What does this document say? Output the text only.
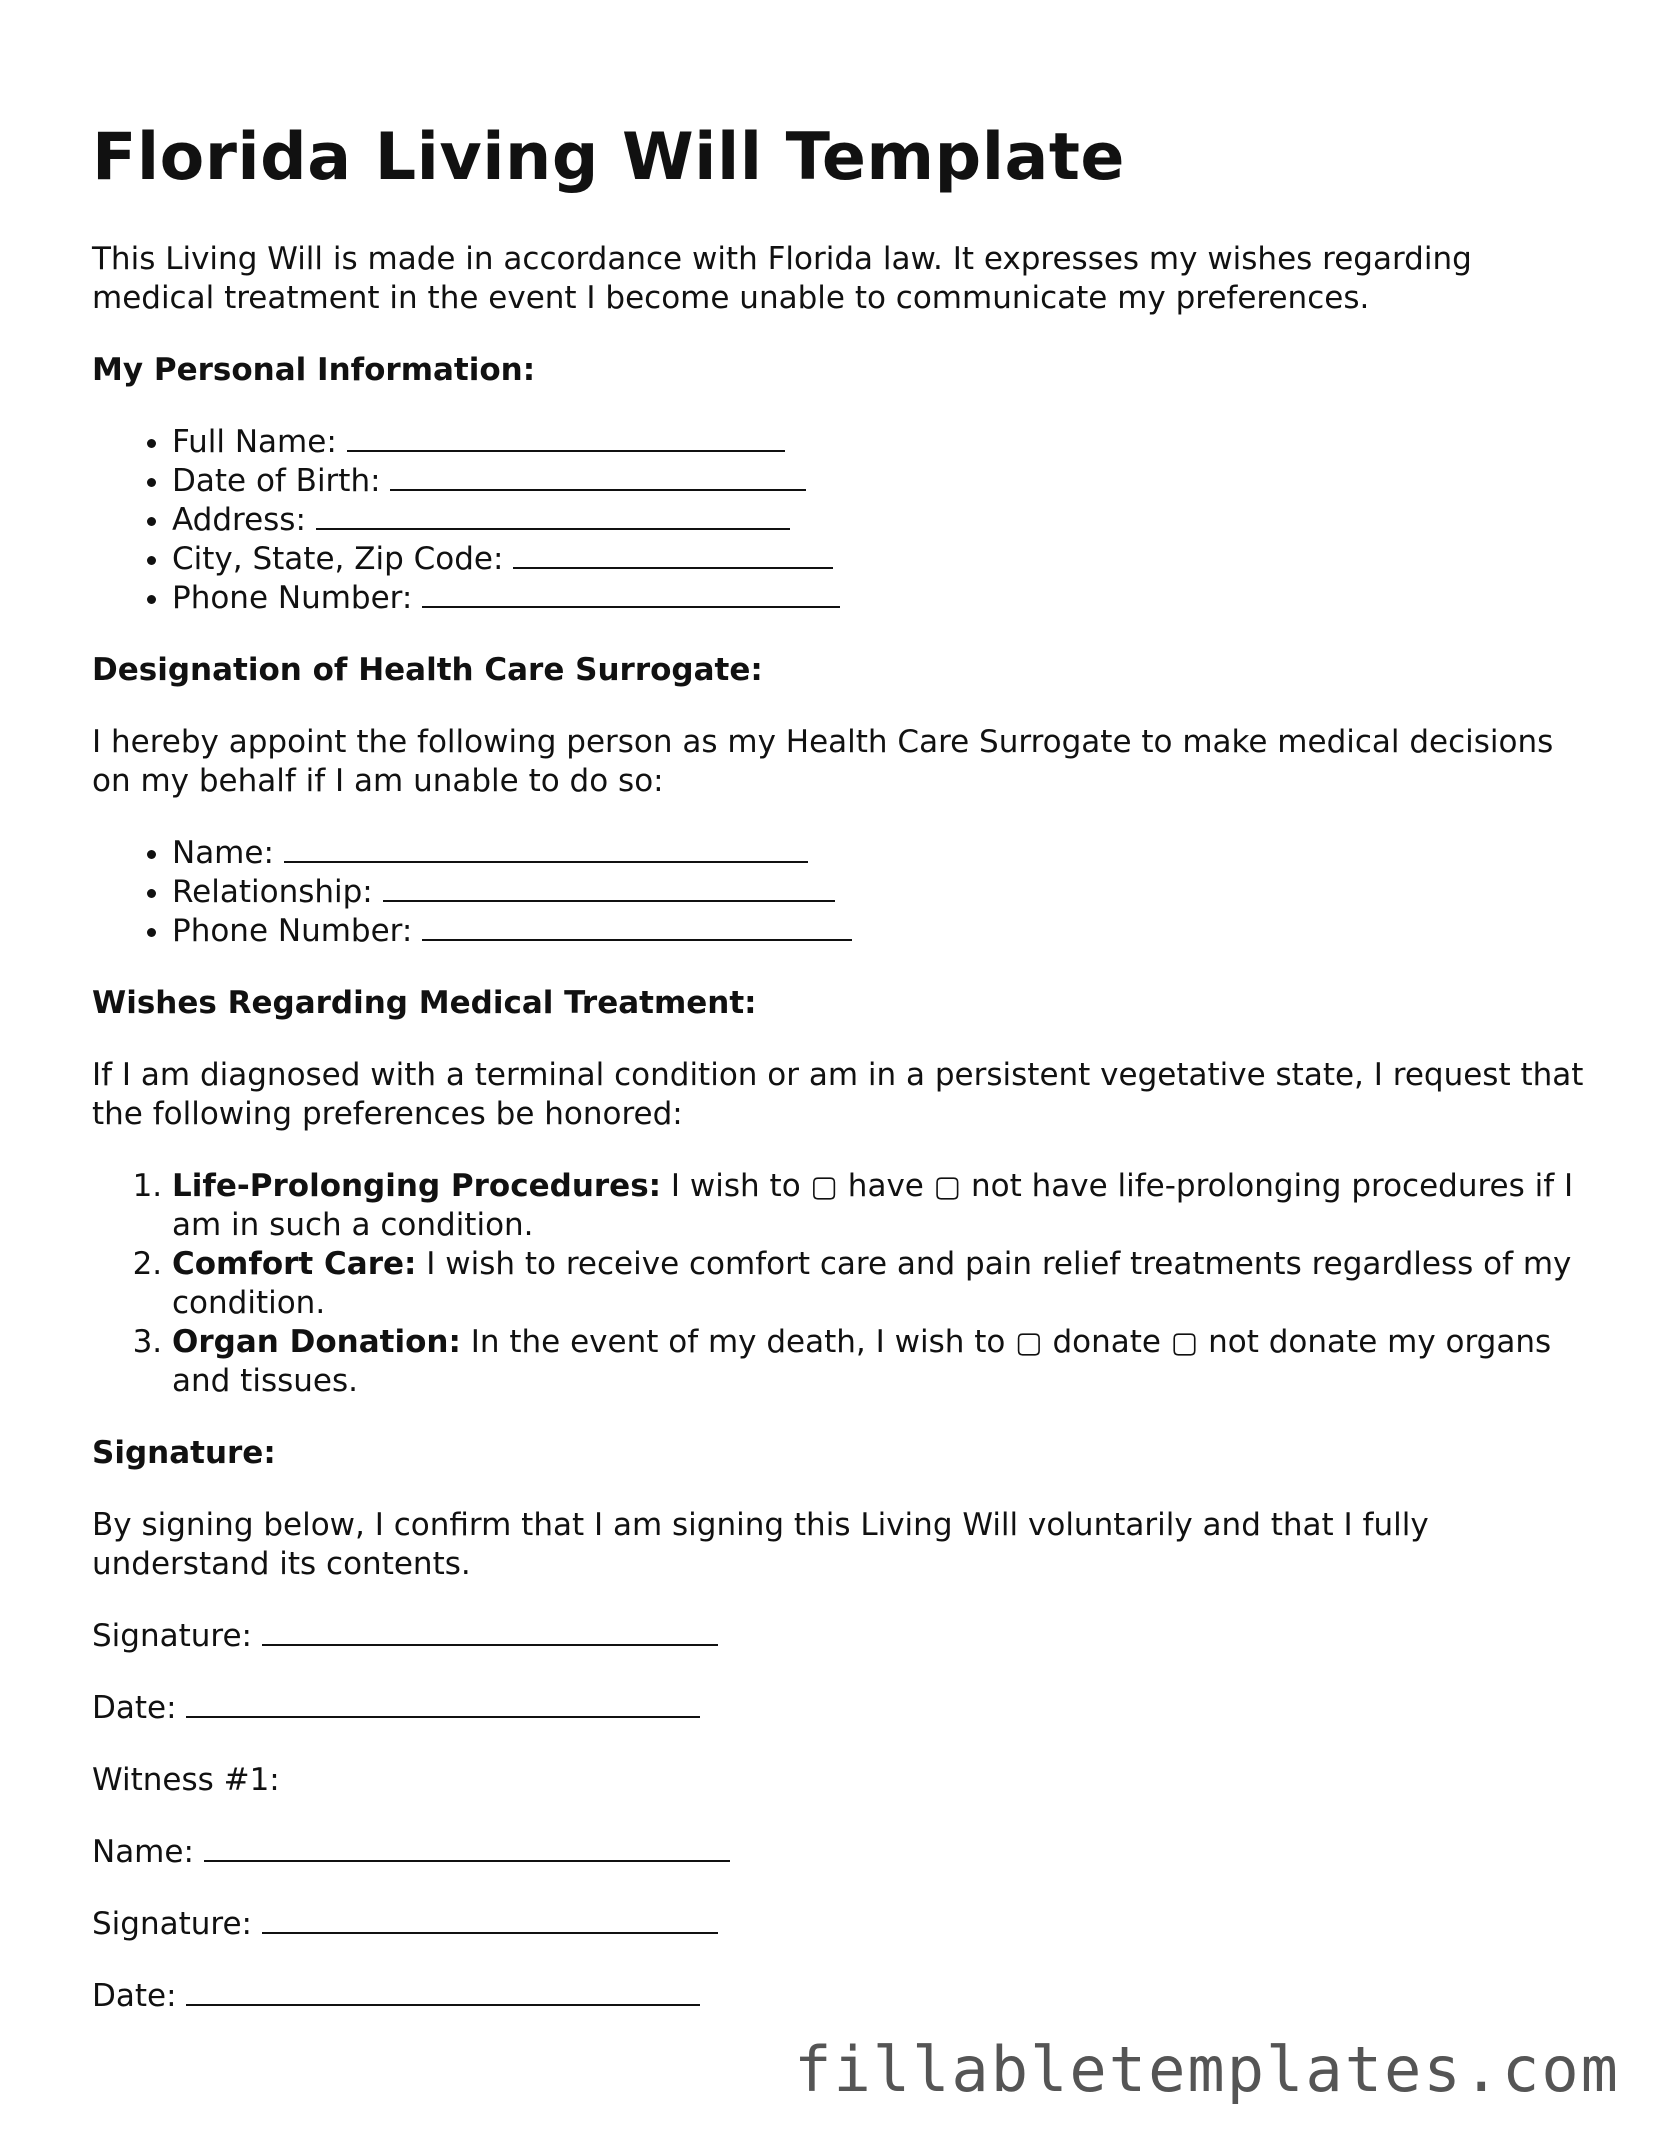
Florida Living Will Template

This Living Will is made in accordance with Florida law. It expresses my wishes regarding medical treatment in the event I become unable to communicate my preferences.

My Personal Information:
• Full Name:
• Date of Birth:
• Address:
• City, State, Zip Code:
• Phone Number:
Designation of Health Care Surrogate:

I hereby appoint the following person as my Health Care Surrogate to make medical decisions on my behalf if I am unable to do so:

• Name:
• Relationship:
• Phone Number:
Wishes Regarding Medical Treatment:

If I am diagnosed with a terminal condition or am in a persistent vegetative state, I request that the following preferences be honored:

1. Life-Prolonging Procedures: I wish to ▢ have ▢ not have life-prolonging procedures if I am in such a condition.
2. Comfort Care: I wish to receive comfort care and pain relief treatments regardless of my condition.
3. Organ Donation: In the event of my death, I wish to ▢ donate ▢ not donate my organs and tissues.
Signature:

By signing below, I confirm that I am signing this Living Will voluntarily and that I fully understand its contents.

Signature:

Date:

Witness #1:

Name:

Signature:

Date:

fillabletemplates.com
